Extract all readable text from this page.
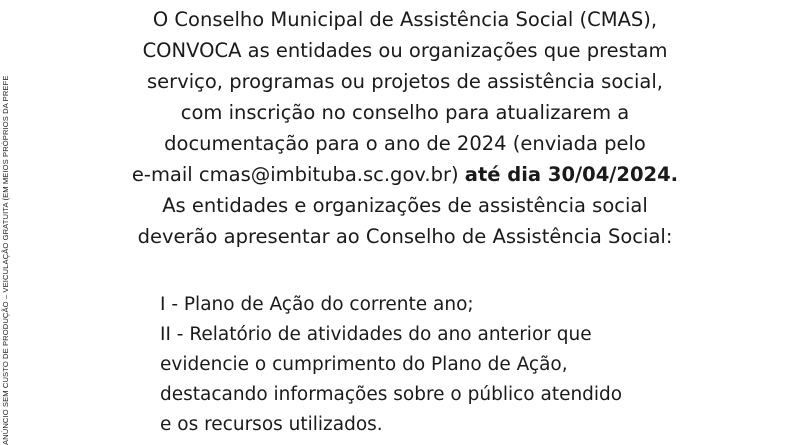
ANÚNCIO SEM CUSTO DE PRODUÇÃO – VEICULAÇÃO GRATUITA (EM MEIOS PRÓPRIOS DA PREFE
O Conselho Municipal de Assistência Social (CMAS),
CONVOCA as entidades ou organizações que prestam
serviço, programas ou projetos de assistência social,
com inscrição no conselho para atualizarem a
documentação para o ano de 2024 (enviada pelo
e-mail cmas@imbituba.sc.gov.br) até dia 30/04/2024.
As entidades e organizações de assistência social
deverão apresentar ao Conselho de Assistência Social:
I - Plano de Ação do corrente ano;
II - Relatório de atividades do ano anterior que
evidencie o cumprimento do Plano de Ação,
destacando informações sobre o público atendido
e os recursos utilizados.
